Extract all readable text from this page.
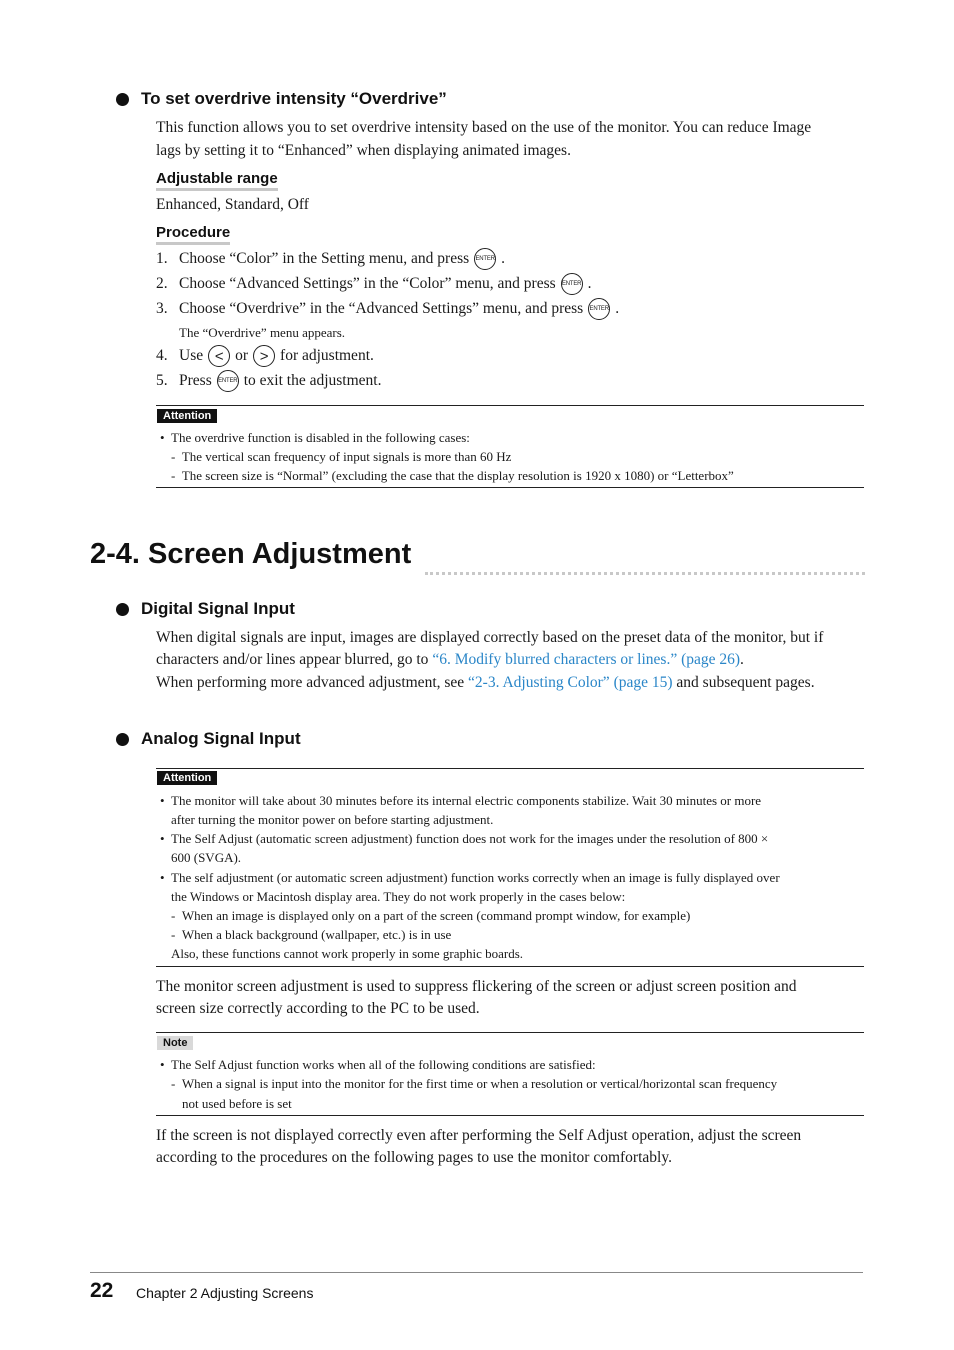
To set overdrive intensity “Overdrive”
This function allows you to set overdrive intensity based on the use of the monitor. You can reduce Image
lags by setting it to “Enhanced” when displaying animated images.
Adjustable range
Enhanced, Standard, Off
Procedure
1. Choose “Color” in the Setting menu, and press ENTER .
2. Choose “Advanced Settings” in the “Color” menu, and press ENTER .
3. Choose “Overdrive” in the “Advanced Settings” menu, and press ENTER .
The “Overdrive” menu appears.
4. Use < or > for adjustment.
5. Press ENTER to exit the adjustment.
Attention
• The overdrive function is disabled in the following cases:
- The vertical scan frequency of input signals is more than 60 Hz
- The screen size is “Normal” (excluding the case that the display resolution is 1920 x 1080) or “Letterbox”
2-4. Screen Adjustment
Digital Signal Input
When digital signals are input, images are displayed correctly based on the preset data of the monitor, but if
characters and/or lines appear blurred, go to “6. Modify blurred characters or lines.” (page 26).
When performing more advanced adjustment, see “2-3. Adjusting Color” (page 15) and subsequent pages.
Analog Signal Input
Attention
• The monitor will take about 30 minutes before its internal electric components stabilize. Wait 30 minutes or more
after turning the monitor power on before starting adjustment.
• The Self Adjust (automatic screen adjustment) function does not work for the images under the resolution of 800 ×
600 (SVGA).
• The self adjustment (or automatic screen adjustment) function works correctly when an image is fully displayed over
the Windows or Macintosh display area. They do not work properly in the cases below:
- When an image is displayed only on a part of the screen (command prompt window, for example)
- When a black background (wallpaper, etc.) is in use
Also, these functions cannot work properly in some graphic boards.
The monitor screen adjustment is used to suppress flickering of the screen or adjust screen position and
screen size correctly according to the PC to be used.
Note
• The Self Adjust function works when all of the following conditions are satisfied:
- When a signal is input into the monitor for the first time or when a resolution or vertical/horizontal scan frequency
not used before is set
If the screen is not displayed correctly even after performing the Self Adjust operation, adjust the screen
according to the procedures on the following pages to use the monitor comfortably.
22 Chapter 2 Adjusting Screens
